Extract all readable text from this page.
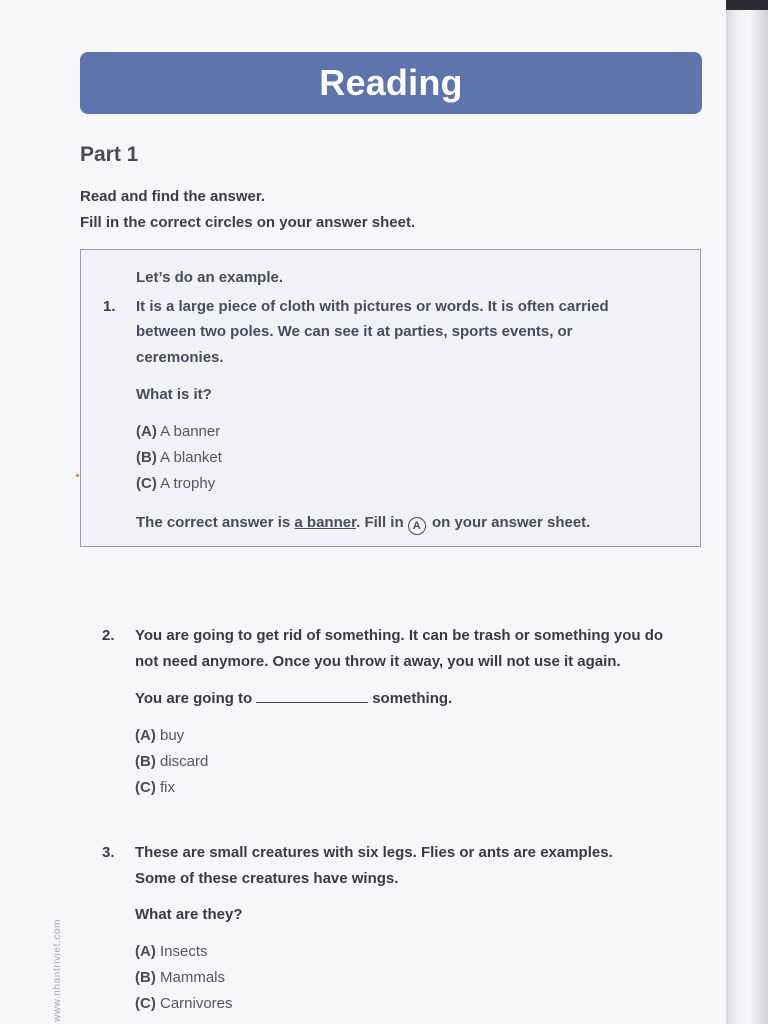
Reading
Part 1
Read and find the answer.
Fill in the correct circles on your answer sheet.
Let’s do an example.
1. It is a large piece of cloth with pictures or words. It is often carried
between two poles. We can see it at parties, sports events, or
ceremonies.
What is it?
(A) A banner
(B) A blanket
(C) A trophy
The correct answer is a banner. Fill in A on your answer sheet.
2. You are going to get rid of something. It can be trash or something you do
not need anymore. Once you throw it away, you will not use it again.
You are going to	something.
(A) buy
(B) discard
(C) fix
3. These are small creatures with six legs. Flies or ants are examples.
Some of these creatures have wings.
What are they?
(A) Insects
(B) Mammals
(C) Carnivores
www.nhantriviet.com
